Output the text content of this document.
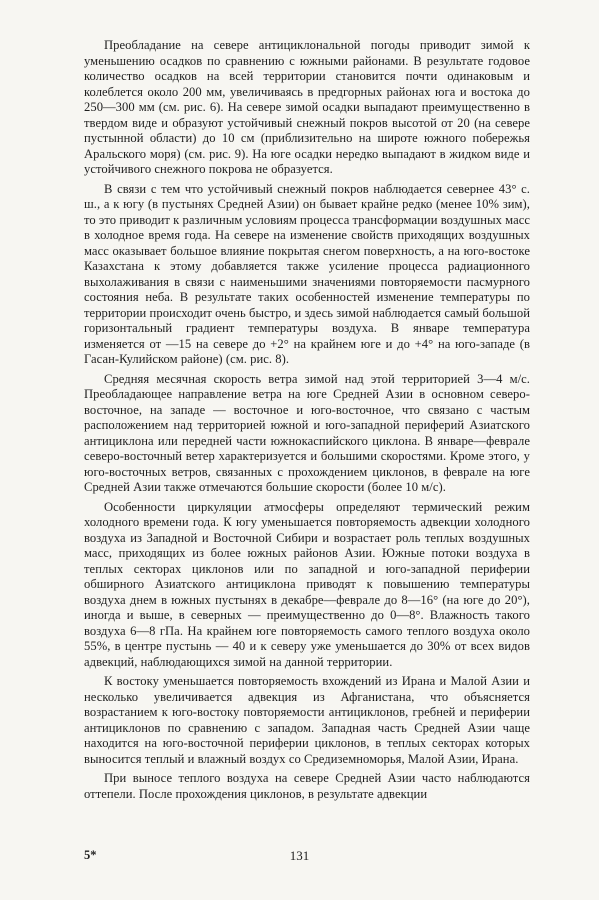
Преобладание на севере антициклональной погоды приводит зимой к уменьшению осадков по сравнению с южными районами. В результате годовое количество осадков на всей территории становится почти одинаковым и колеблется около 200 мм, увеличиваясь в предгорных районах юга и востока до 250—300 мм (см. рис. 6). На севере зимой осадки выпадают преимущественно в твердом виде и образуют устойчивый снежный покров высотой от 20 (на севере пустынной области) до 10 см (приблизительно на широте южного побережья Аральского моря) (см. рис. 9). На юге осадки нередко выпадают в жидком виде и устойчивого снежного покрова не образуется.

В связи с тем что устойчивый снежный покров наблюдается севернее 43° с. ш., а к югу (в пустынях Средней Азии) он бывает крайне редко (менее 10% зим), то это приводит к различным условиям процесса трансформации воздушных масс в холодное время года. На севере на изменение свойств приходящих воздушных масс оказывает большое влияние покрытая снегом поверхность, а на юго-востоке Казахстана к этому добавляется также усиление процесса радиационного выхолаживания в связи с наименьшими значениями повторяемости пасмурного состояния неба. В результате таких особенностей изменение температуры по территории происходит очень быстро, и здесь зимой наблюдается самый большой горизонтальный градиент температуры воздуха. В январе температура изменяется от —15 на севере до +2° на крайнем юге и до +4° на юго-западе (в Гасан-Кулийском районе) (см. рис. 8).

Средняя месячная скорость ветра зимой над этой территорией 3—4 м/с. Преобладающее направление ветра на юге Средней Азии в основном северо-восточное, на западе — восточное и юго-восточное, что связано с частым расположением над территорией южной и юго-западной периферий Азиатского антициклона или передней части южнокаспийского циклона. В январе—феврале северо-восточный ветер характеризуется и большими скоростями. Кроме этого, у юго-восточных ветров, связанных с прохождением циклонов, в феврале на юге Средней Азии также отмечаются большие скорости (более 10 м/с).

Особенности циркуляции атмосферы определяют термический режим холодного времени года. К югу уменьшается повторяемость адвекции холодного воздуха из Западной и Восточной Сибири и возрастает роль теплых воздушных масс, приходящих из более южных районов Азии. Южные потоки воздуха в теплых секторах циклонов или по западной и юго-западной периферии обширного Азиатского антициклона приводят к повышению температуры воздуха днем в южных пустынях в декабре—феврале до 8—16° (на юге до 20°), иногда и выше, в северных — преимущественно до 0—8°. Влажность такого воздуха 6—8 гПа. На крайнем юге повторяемость самого теплого воздуха около 55%, в центре пустынь — 40 и к северу уже уменьшается до 30% от всех видов адвекций, наблюдающихся зимой на данной территории.

К востоку уменьшается повторяемость вхождений из Ирана и Малой Азии и несколько увеличивается адвекция из Афганистана, что объясняется возрастанием к юго-востоку повторяемости антициклонов, гребней и периферии антициклонов по сравнению с западом. Западная часть Средней Азии чаще находится на юго-восточной периферии циклонов, в теплых секторах которых выносится теплый и влажный воздух со Средиземноморья, Малой Азии, Ирана.

При выносе теплого воздуха на севере Средней Азии часто наблюдаются оттепели. После прохождения циклонов, в результате адвекции

5*	131
